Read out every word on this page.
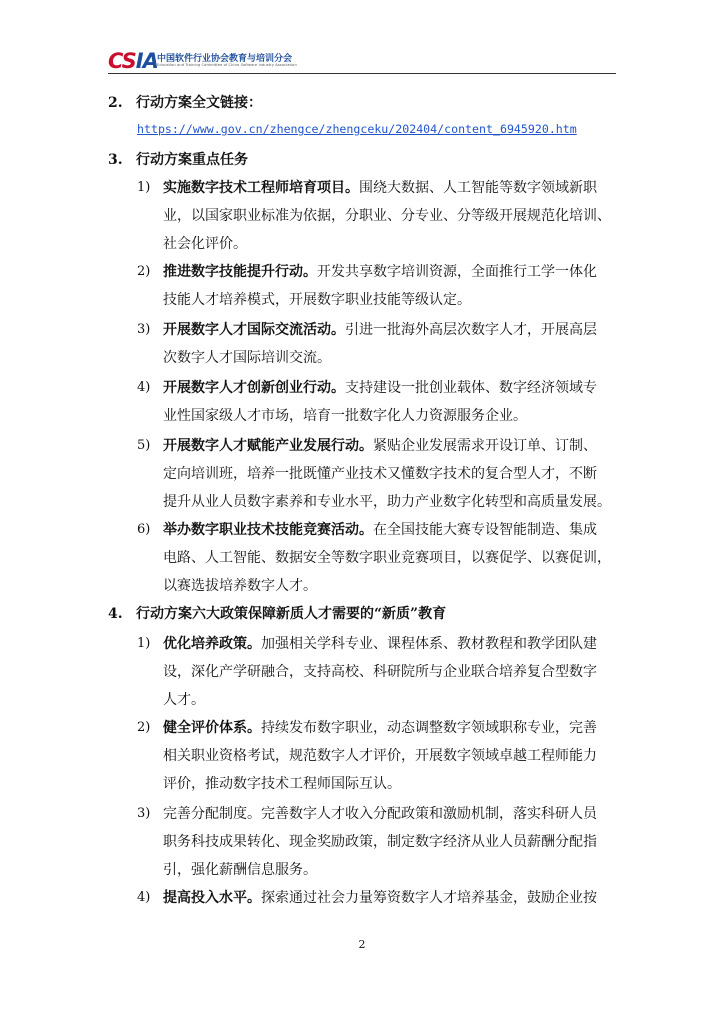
CSIA 中国软件行业协会教育与培训分会
Education and Training Committee of China Software Industry Association
2. 行动方案全文链接：
https://www.gov.cn/zhengce/zhengceku/202404/content_6945920.htm
3. 行动方案重点任务
1) 实施数字技术工程师培育项目。围绕大数据、人工智能等数字领域新职
业，以国家职业标准为依据，分职业、分专业、分等级开展规范化培训、
社会化评价。
2) 推进数字技能提升行动。开发共享数字培训资源，全面推行工学一体化
技能人才培养模式，开展数字职业技能等级认定。
3) 开展数字人才国际交流活动。引进一批海外高层次数字人才，开展高层
次数字人才国际培训交流。
4) 开展数字人才创新创业行动。支持建设一批创业载体、数字经济领域专
业性国家级人才市场，培育一批数字化人力资源服务企业。
5) 开展数字人才赋能产业发展行动。紧贴企业发展需求开设订单、订制、
定向培训班，培养一批既懂产业技术又懂数字技术的复合型人才，不断
提升从业人员数字素养和专业水平，助力产业数字化转型和高质量发展。
6) 举办数字职业技术技能竞赛活动。在全国技能大赛专设智能制造、集成
电路、人工智能、数据安全等数字职业竞赛项目，以赛促学、以赛促训，
以赛选拔培养数字人才。
4. 行动方案六大政策保障新质人才需要的“新质”教育
1) 优化培养政策。加强相关学科专业、课程体系、教材教程和教学团队建
设，深化产学研融合，支持高校、科研院所与企业联合培养复合型数字
人才。
2) 健全评价体系。持续发布数字职业，动态调整数字领域职称专业，完善
相关职业资格考试，规范数字人才评价，开展数字领域卓越工程师能力
评价，推动数字技术工程师国际互认。
3) 完善分配制度。完善数字人才收入分配政策和激励机制，落实科研人员
职务科技成果转化、现金奖励政策，制定数字经济从业人员薪酬分配指
引，强化薪酬信息服务。
4) 提高投入水平。探索通过社会力量筹资数字人才培养基金，鼓励企业按
2
